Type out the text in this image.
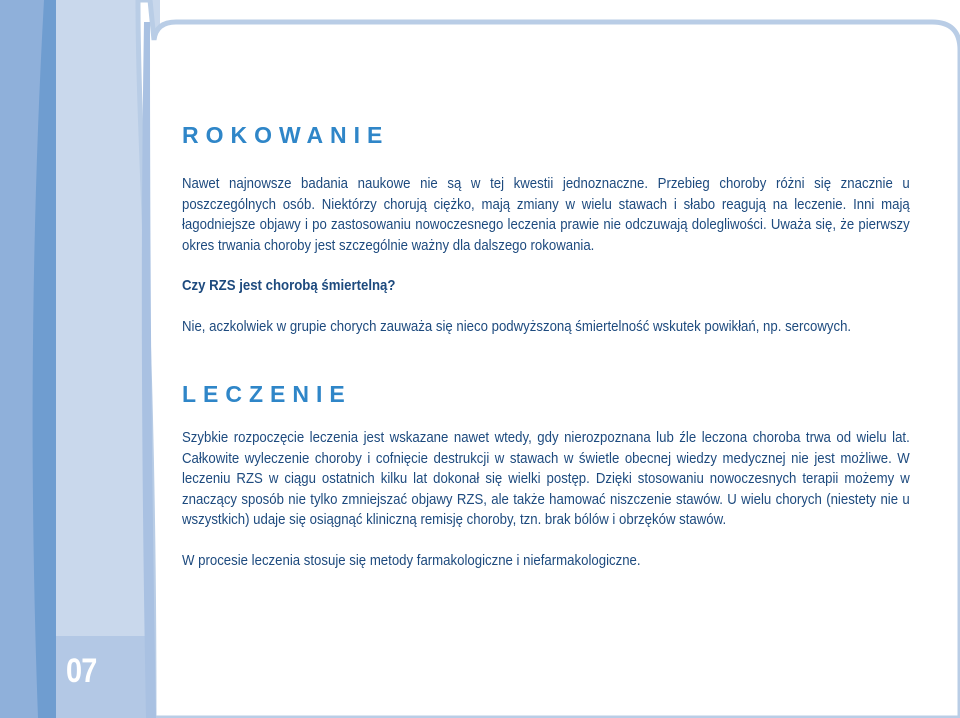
07
ROKOWANIE

Nawet najnowsze badania naukowe nie są w tej kwestii jednoznaczne. Przebieg choroby różni się znacznie u poszczególnych osób. Niektórzy chorują ciężko, mają zmiany w wielu stawach i słabo reagują na leczenie. Inni mają łagodniejsze objawy i po zastosowaniu nowoczesnego leczenia prawie nie odczuwają dolegliwości. Uważa się, że pierwszy okres trwania choroby jest szczególnie ważny dla dalszego rokowania.

Czy RZS jest chorobą śmiertelną?

Nie, aczkolwiek w grupie chorych zauważa się nieco podwyższoną śmiertelność wskutek powikłań, np. sercowych.

LECZENIE

Szybkie rozpoczęcie leczenia jest wskazane nawet wtedy, gdy nierozpoznana lub źle leczona choroba trwa od wielu lat. Całkowite wyleczenie choroby i cofnięcie destrukcji w stawach w świetle obecnej wiedzy medycznej nie jest możliwe. W leczeniu RZS w ciągu ostatnich kilku lat dokonał się wielki postęp. Dzięki stosowaniu nowoczesnych terapii możemy w znaczący sposób nie tylko zmniejszać objawy RZS, ale także hamować niszczenie stawów. U wielu chorych (niestety nie u wszystkich) udaje się osiągnąć kliniczną remisję choroby, tzn. brak bólów i obrzęków stawów.

W procesie leczenia stosuje się metody farmakologiczne i niefarmakologiczne.
